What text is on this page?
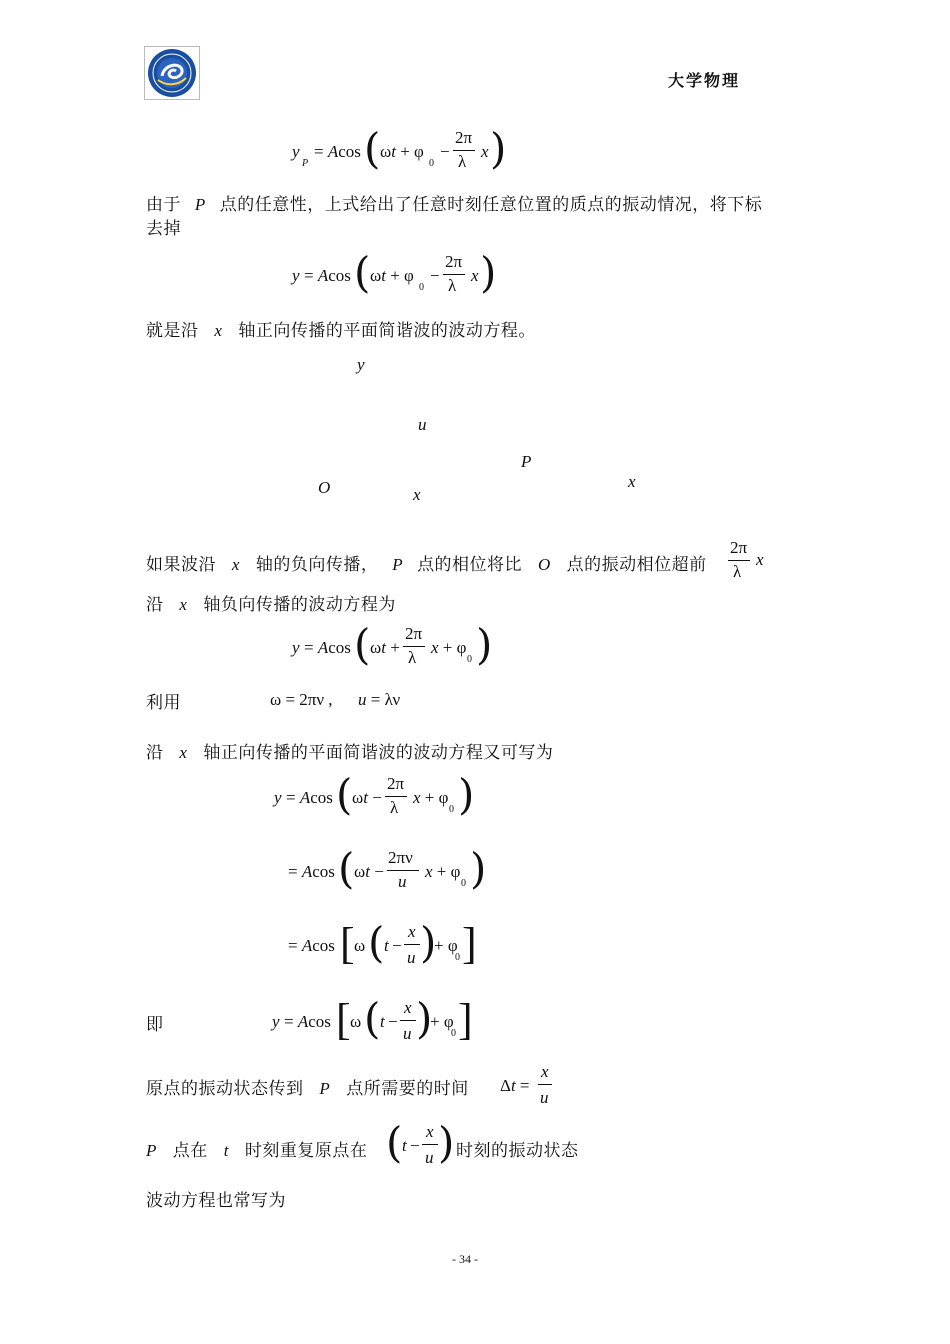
大学物理
y
P
= Acos ( ωt + φ
0
−
2π
λ
x )
由于 P 点的任意性，上式给出了任意时刻任意位置的质点的振动情况，将下标
去掉
y = Acos ( ωt + φ
0
−
2π
λ
x )
就是沿 x 轴正向传播的平面简谐波的波动方程。
y
u
P
O	x
x
如果波沿 x 轴的负向传播， P 点的相位将比 O 点的振动相位超前
2π
λ
x
沿 x 轴负向传播的波动方程为
y = Acos ( ωt +
2π
λ
x + φ
0 )
利用	ω = 2πν ,      u = λν
沿 x 轴正向传播的平面简谐波的波动方程又可写为
y = Acos ( ωt −
2π
λ
x + φ
0 )
= Acos ( ωt −
2πν
u
x + φ
0 )
= Acos [ ω ( t −
x
u )
+ φ
0 ]
即	y = Acos [ ω ( t −
x
u )
+ φ
0 ]
原点的振动状态传到 P 点所需要的时间 Δt =
x
u
P 点在 t 时刻重复原点在 ( t −
x
u ) 时刻的振动状态
波动方程也常写为
- 34 -
